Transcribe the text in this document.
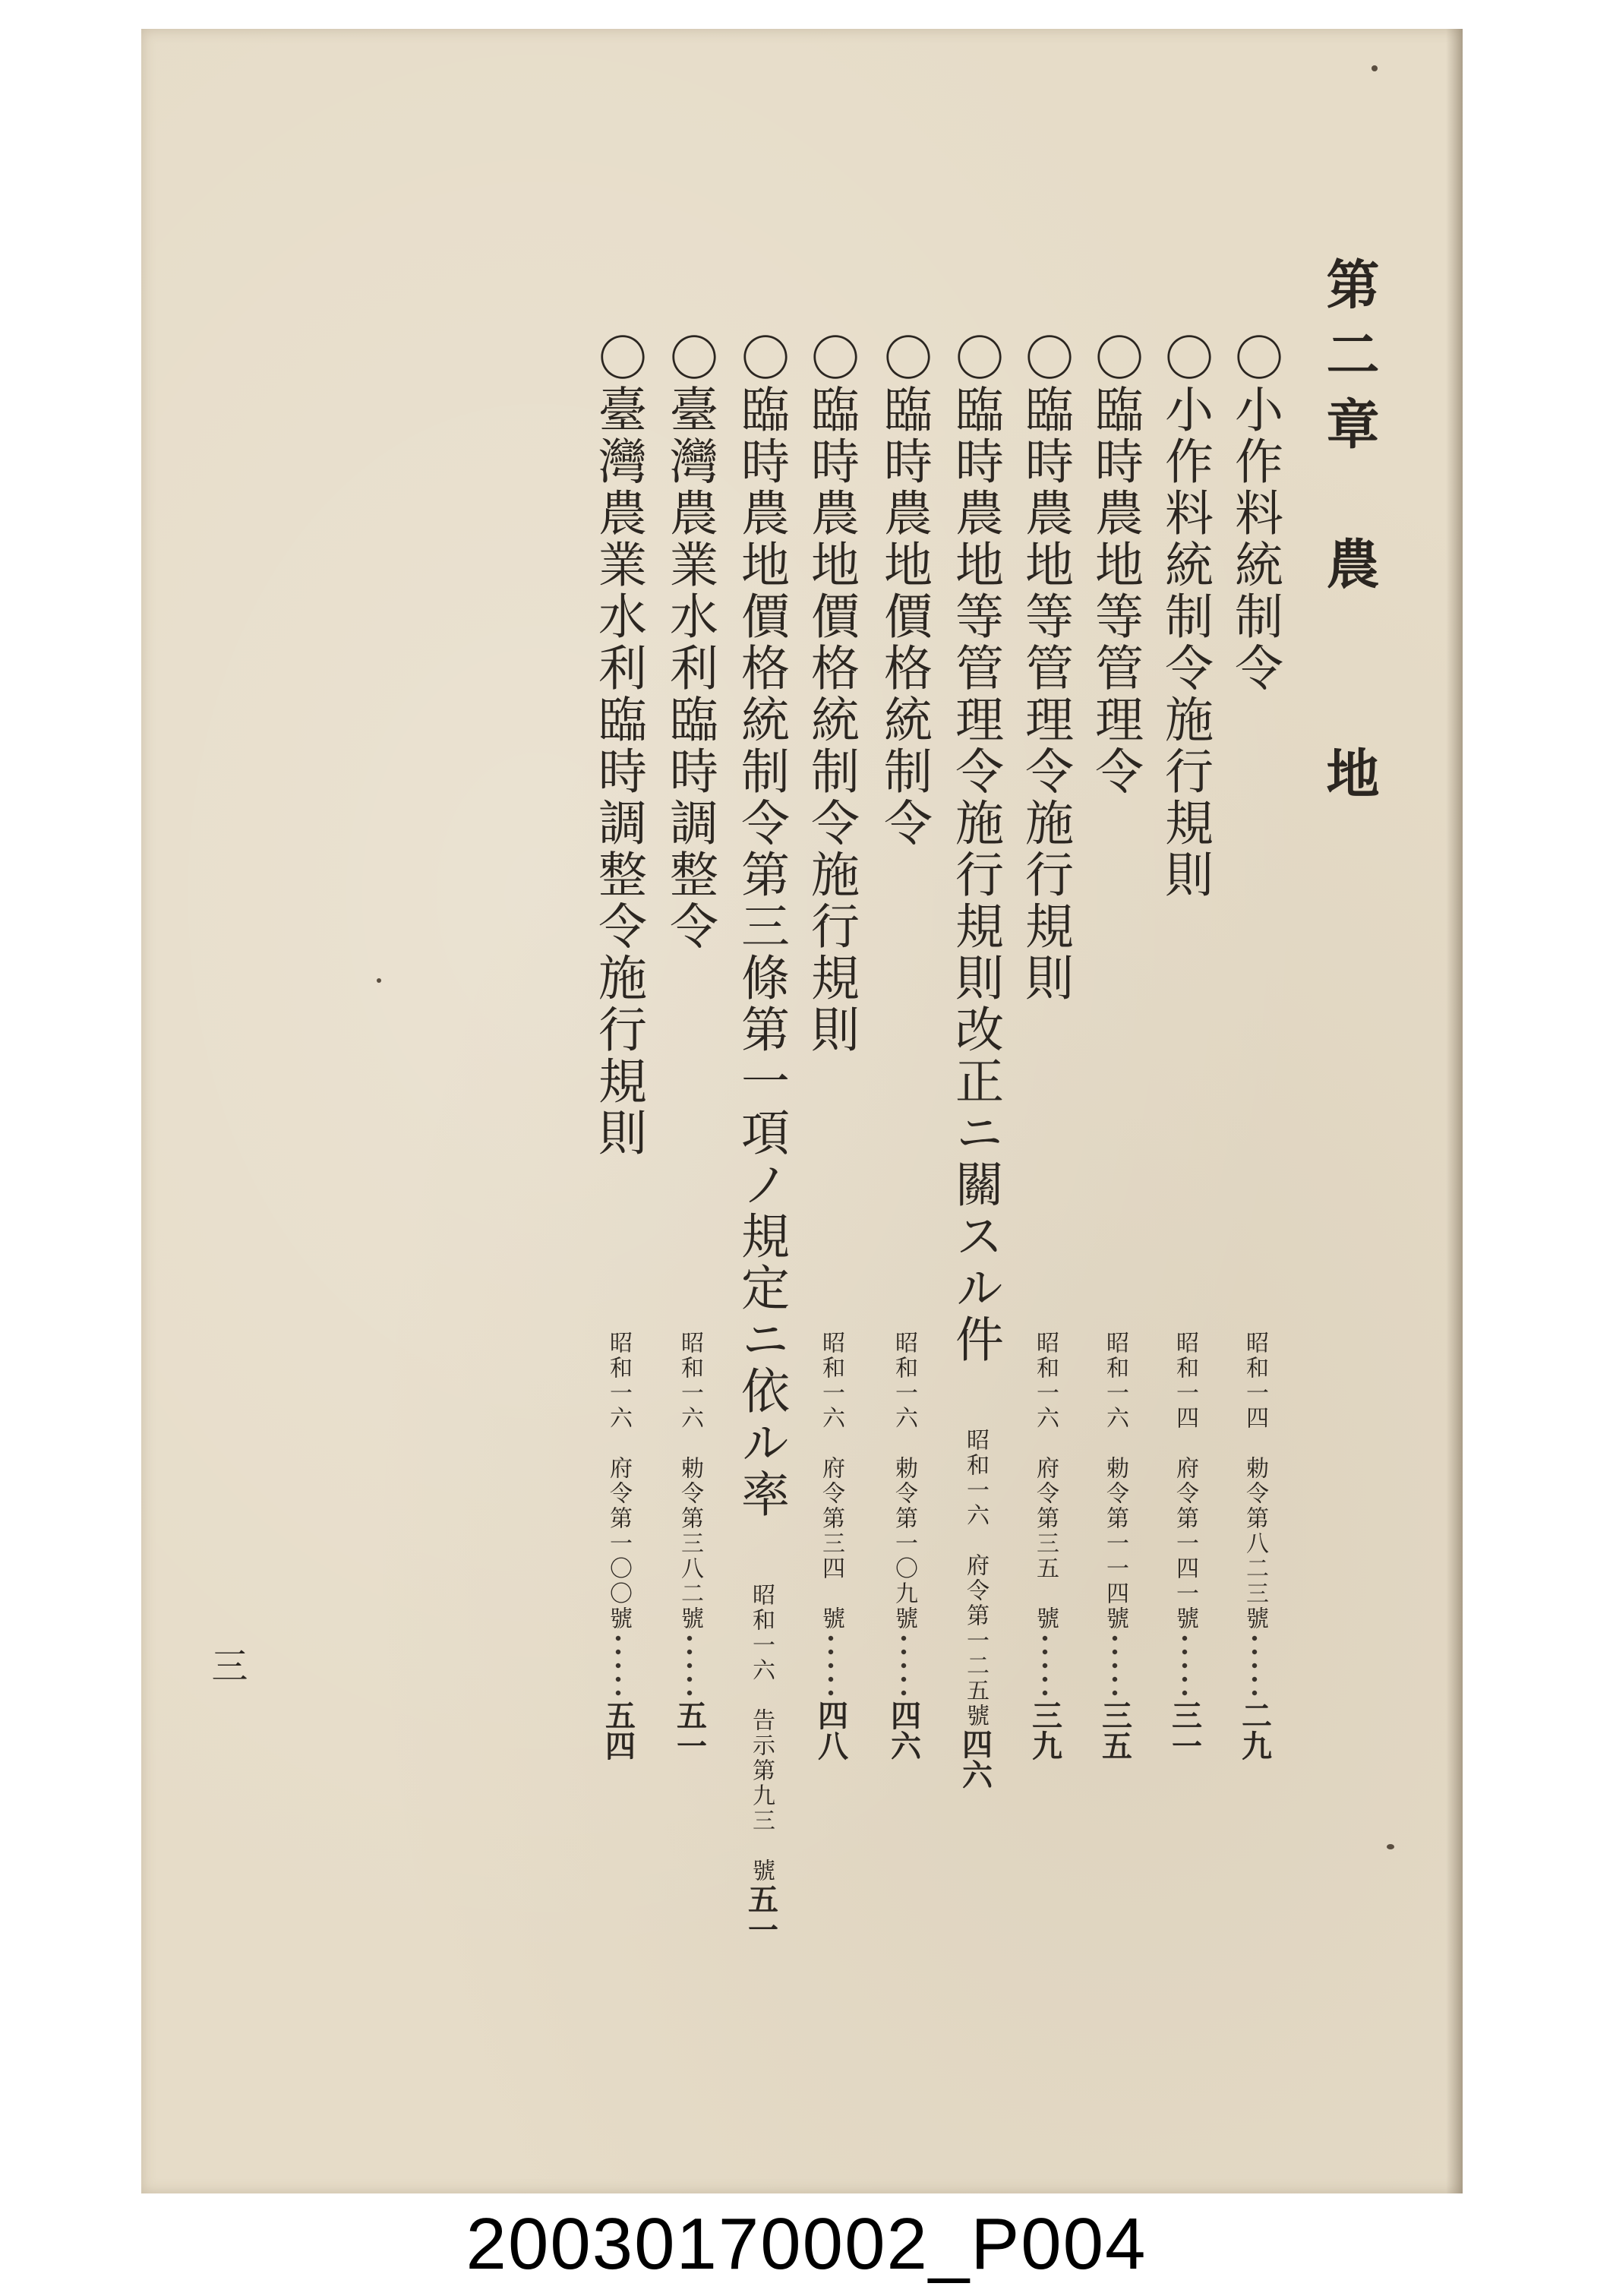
第二章　農　　地
〇小作料統制令
昭和一四　勅令第八二三號
二九
〇小作料統制令施行規則
昭和一四　府令第一四一號
三一
〇臨時農地等管理令
昭和一六　勅令第一一四號
三五
〇臨時農地等管理令施行規則
昭和一六　府令第三五　號
三九
〇臨時農地等管理令施行規則改正ニ關スル件
昭和一六　府令第一二五號
四六
〇臨時農地價格統制令
昭和一六　勅令第一〇九號
四六
〇臨時農地價格統制令施行規則
昭和一六　府令第三四　號
四八
〇臨時農地價格統制令第三條第一項ノ規定ニ依ル率
昭和一六　告示第九三　號
五一
〇臺灣農業水利臨時調整令
昭和一六　勅令第三八二號
五一
〇臺灣農業水利臨時調整令施行規則
昭和一六　府令第一〇〇號
五四
三
20030170002_P004
